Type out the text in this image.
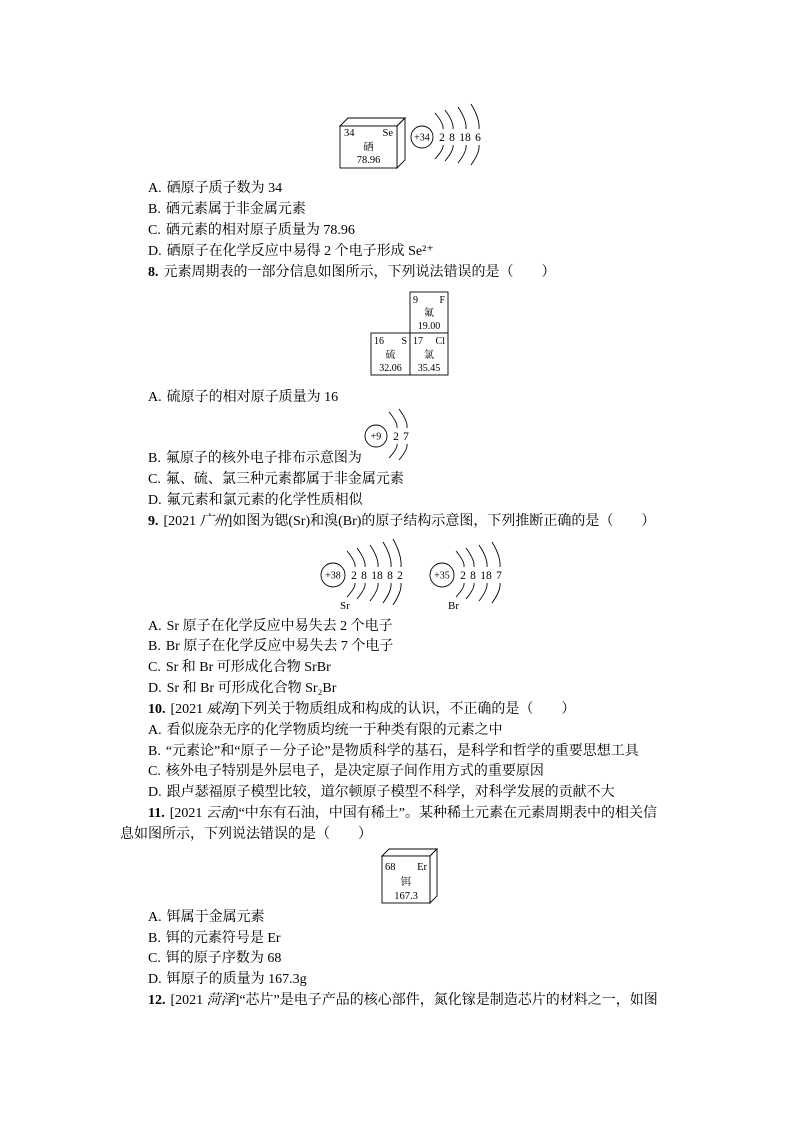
34	Se
硒
78.96
+34 2 8 18 6
A. 硒原子质子数为 34
B. 硒元素属于非金属元素
C. 硒元素的相对原子质量为 78.96
D. 硒原子在化学反应中易得 2 个电子形成 Se²⁺
8. 元素周期表的一部分信息如图所示，下列说法错误的是（　　）
9 F
氟
19.00
16 S
硫
32.06
17 Cl
氯
35.45
A. 硫原子的相对原子质量为 16
+9 2 7
B. 氟原子的核外电子排布示意图为
C. 氟、硫、氯三种元素都属于非金属元素
D. 氟元素和氯元素的化学性质相似
9. [2021 广州]如图为锶(Sr)和溴(Br)的原子结构示意图，下列推断正确的是（　　）
+38 2 8 18 8 2
Sr
+35 2 8 18 7
Br
A. Sr 原子在化学反应中易失去 2 个电子
B. Br 原子在化学反应中易失去 7 个电子
C. Sr 和 Br 可形成化合物 SrBr
D. Sr 和 Br 可形成化合物 Sr₂Br
10. [2021 威海]下列关于物质组成和构成的认识，不正确的是（　　）
A. 看似庞杂无序的化学物质均统一于种类有限的元素之中
B. “元素论”和“原子－分子论”是物质科学的基石，是科学和哲学的重要思想工具
C. 核外电子特别是外层电子，是决定原子间作用方式的重要原因
D. 跟卢瑟福原子模型比较，道尔顿原子模型不科学，对科学发展的贡献不大
11. [2021 云南]“中东有石油，中国有稀土”。某种稀土元素在元素周期表中的相关信
息如图所示，下列说法错误的是（　　）
68 Er
铒
167.3
A. 铒属于金属元素
B. 铒的元素符号是 Er
C. 铒的原子序数为 68
D. 铒原子的质量为 167.3g
12. [2021 菏泽]“芯片”是电子产品的核心部件，氮化镓是制造芯片的材料之一，如图
